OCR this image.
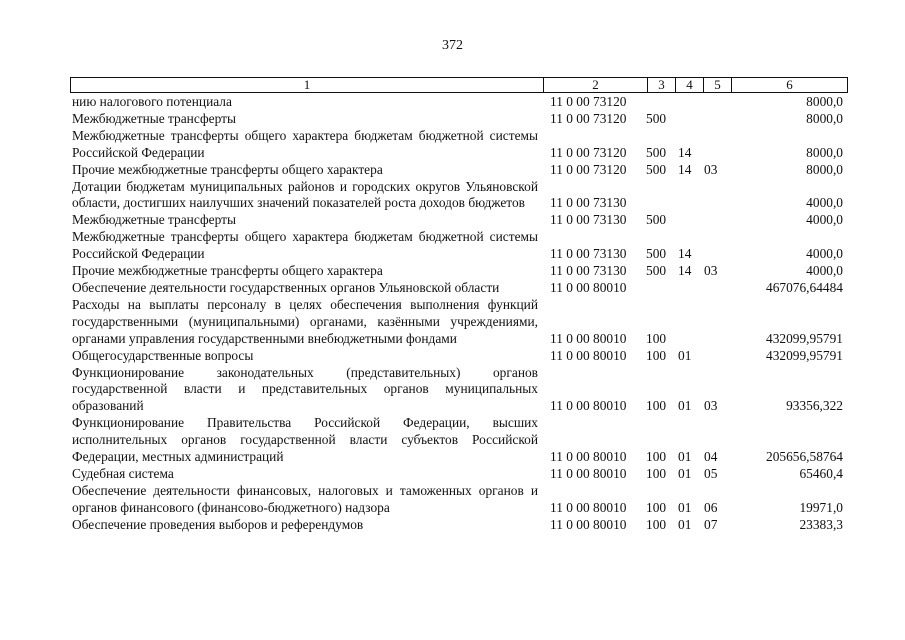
372
1	2	3	4	5	6
нию налогового потенциала	11 0 00 73120	8000,0
Межбюджетные трансферты	11 0 00 73120	500	8000,0
Межбюджетные трансферты общего характера бюджетам бюджетной системы Российской Федерации	11 0 00 73120	500 14	8000,0
Прочие межбюджетные трансферты общего характера	11 0 00 73120	500 14 03	8000,0
Дотации бюджетам муниципальных районов и городских округов Ульяновской области, достигших наилучших значений показателей роста доходов бюджетов	11 0 00 73130	4000,0
Межбюджетные трансферты	11 0 00 73130	500	4000,0
Межбюджетные трансферты общего характера бюджетам бюджетной системы Российской Федерации	11 0 00 73130	500 14	4000,0
Прочие межбюджетные трансферты общего характера	11 0 00 73130	500 14 03	4000,0
Обеспечение деятельности государственных органов Ульяновской области	11 0 00 80010	467076,64484
Расходы на выплаты персоналу в целях обеспечения выполнения функций государственными (муниципальными) органами, казёнными учреждениями, органами управления государственными внебюджетными фондами	11 0 00 80010	100	432099,95791
Общегосударственные вопросы	11 0 00 80010	100 01	432099,95791
Функционирование законодательных (представительных) органов государственной власти и представительных органов муниципальных образований	11 0 00 80010	100 01 03	93356,322
Функционирование Правительства Российской Федерации, высших исполнительных органов государственной власти субъектов Российской Федерации, местных администраций	11 0 00 80010	100 01 04	205656,58764
Судебная система	11 0 00 80010	100 01 05	65460,4
Обеспечение деятельности финансовых, налоговых и таможенных органов и органов финансового (финансово-бюджетного) надзора	11 0 00 80010	100 01 06	19971,0
Обеспечение проведения выборов и референдумов	11 0 00 80010	100 01 07	23383,3
